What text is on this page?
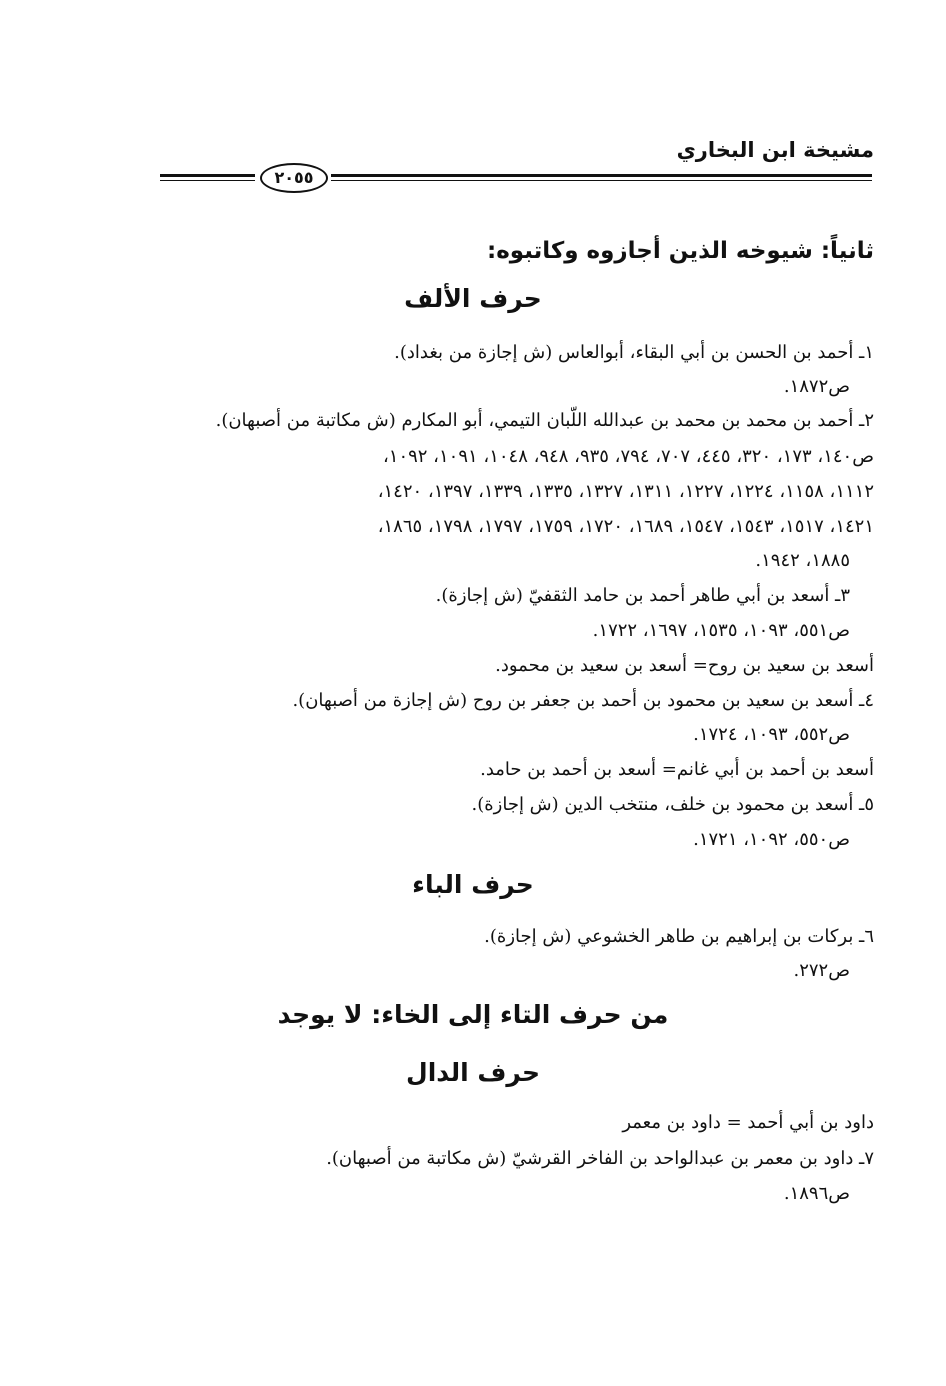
مشيخة ابن البخاري
٢٠٥٥
ثانياً: شيوخه الذين أجازوه وكاتبوه:
حرف الألف
١ـ أحمد بن الحسن بن أبي البقاء، أبوالعاس (ش إجازة من بغداد).
ص١٨٧٢.
٢ـ أحمد بن محمد بن محمد بن عبدالله اللّبان التيمي، أبو المكارم (ش مكاتبة من أصبهان).
ص١٤٠، ١٧٣، ٣٢٠، ٤٤٥، ٧٠٧، ٧٩٤، ٩٣٥، ٩٤٨، ١٠٤٨، ١٠٩١، ١٠٩٢،
١١١٢، ١١٥٨، ١٢٢٤، ١٢٢٧، ١٣١١، ١٣٢٧، ١٣٣٥، ١٣٣٩، ١٣٩٧، ١٤٢٠،
١٤٢١، ١٥١٧، ١٥٤٣، ١٥٤٧، ١٦٨٩، ١٧٢٠، ١٧٥٩، ١٧٩٧، ١٧٩٨، ١٨٦٥،
١٨٨٥، ١٩٤٢.
٣ـ أسعد بن أبي طاهر أحمد بن حامد الثقفيّ (ش إجازة).
ص٥٥١، ١٠٩٣، ١٥٣٥، ١٦٩٧، ١٧٢٢.
أسعد بن سعيد بن روح= أسعد بن سعيد بن محمود.
٤ـ أسعد بن سعيد بن محمود بن أحمد بن جعفر بن روح (ش إجازة من أصبهان).
ص٥٥٢، ١٠٩٣، ١٧٢٤.
أسعد بن أحمد بن أبي غانم= أسعد بن أحمد بن حامد.
٥ـ أسعد بن محمود بن خلف، منتخب الدين (ش إجازة).
ص٥٥٠، ١٠٩٢، ١٧٢١.
حرف الباء
٦ـ بركات بن إبراهيم بن طاهر الخشوعي (ش إجازة).
ص٢٧٢.
من حرف التاء إلى الخاء: لا يوجد
حرف الدال
داود بن أبي أحمد = داود بن معمر
٧ـ داود بن معمر بن عبدالواحد بن الفاخر القرشيّ (ش مكاتبة من أصبهان).
ص١٨٩٦.
